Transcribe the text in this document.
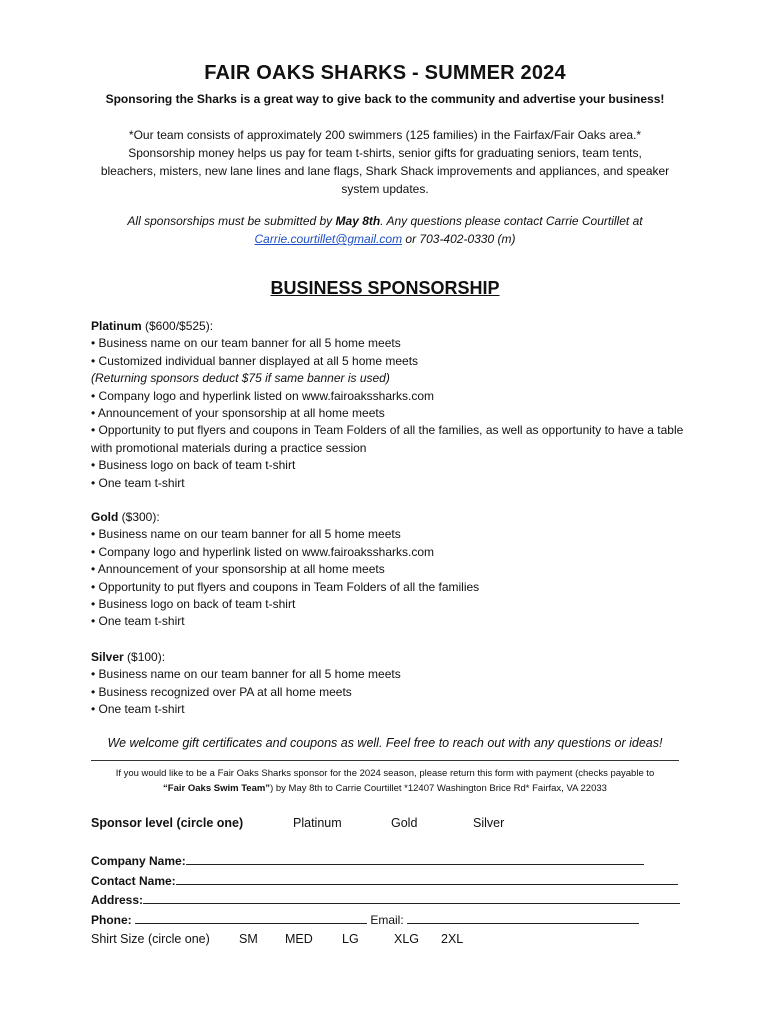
FAIR OAKS SHARKS - SUMMER 2024
Sponsoring the Sharks is a great way to give back to the community and advertise your business!
*Our team consists of approximately 200 swimmers (125 families) in the Fairfax/Fair Oaks area.* Sponsorship money helps us pay for team t-shirts, senior gifts for graduating seniors, team tents, bleachers, misters, new lane lines and lane flags, Shark Shack improvements and appliances, and speaker system updates.
All sponsorships must be submitted by May 8th. Any questions please contact Carrie Courtillet at
Carrie.courtillet@gmail.com or 703-402-0330 (m)
BUSINESS SPONSORSHIP
Platinum ($600/$525):
• Business name on our team banner for all 5 home meets
• Customized individual banner displayed at all 5 home meets
(Returning sponsors deduct $75 if same banner is used)
• Company logo and hyperlink listed on www.fairoakssharks.com
• Announcement of your sponsorship at all home meets
• Opportunity to put flyers and coupons in Team Folders of all the families, as well as opportunity to have a table with promotional materials during a practice session
• Business logo on back of team t-shirt
• One team t-shirt
Gold ($300):
• Business name on our team banner for all 5 home meets
• Company logo and hyperlink listed on www.fairoakssharks.com
• Announcement of your sponsorship at all home meets
• Opportunity to put flyers and coupons in Team Folders of all the families
• Business logo on back of team t-shirt
• One team t-shirt
Silver ($100):
• Business name on our team banner for all 5 home meets
• Business recognized over PA at all home meets
• One team t-shirt
We welcome gift certificates and coupons as well. Feel free to reach out with any questions or ideas!
If you would like to be a Fair Oaks Sharks sponsor for the 2024 season, please return this form with payment (checks payable to
“Fair Oaks Swim Team”) by May 8th to Carrie Courtillet *12407 Washington Brice Rd* Fairfax, VA 22033
Sponsor level (circle one)	Platinum	Gold	Silver
Company Name:
Contact Name:
Address:
Phone:	Email:
Shirt Size (circle one) SM MED LG	XLG 2XL
